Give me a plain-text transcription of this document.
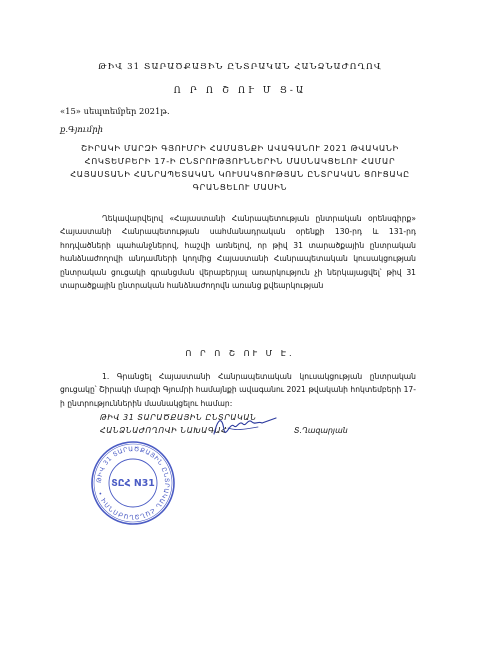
ԹԻՎ 31 ՏԱՐԱԾՔԱՅԻՆ ԸՆՏՐԱԿԱՆ ՀԱՆՁՆԱԺՈՂՈՎ
Ո Ր Ո Շ ՈՒ Մ Ց-Ա
«15» սեպտեմբեր 2021թ.
ք.Գյումրի
ՇԻՐԱԿԻ ՄԱՐԶԻ ԳՅՈՒՄՐԻ ՀԱՄԱՅՆՔԻ ԱՎԱԳԱՆՈՒ 2021 ԹՎԱԿԱՆԻ
ՀՈԿՏԵՄԲԵՐԻ 17-Ի ԸՆՏՐՈՒԹՅՈՒՆՆԵՐԻՆ ՄԱՍՆԱԿՑԵԼՈՒ ՀԱՄԱՐ
ՀԱՅԱՍՏԱՆԻ ՀԱՆՐԱՊԵՏԱԿԱՆ ԿՈՒՍԱԿՑՈՒԹՅԱՆ ԸՆՏՐԱԿԱՆ ՑՈՒՑԱԿԸ
ԳՐԱՆՑԵԼՈՒ ՄԱՍԻՆ
Ղեկավարվելով «Հայաստանի Հանրապետության ընտրական օրենսգիրք» Հայաստանի Հանրապետության սահմանադրական օրենքի 130-րդ և 131-րդ հոդվածների պահանջներով, հաշվի առնելով, որ թիվ 31 տարածքային ընտրական հանձնաժողովի անդամների կողմից Հայաստանի Հանրապետական կուսակցության ընտրական ցուցակի գրանցման վերաբերյալ առարկություն չի ներկայացվել՝ թիվ 31 տարածքային ընտրական հանձնաժողովն առանց քվեարկության
Ո Ր Ո Շ ՈՒ Մ Է.
1. Գրանցել Հայաստանի Հանրապետական կուսակցության ընտրական ցուցակը՝ Շիրակի մարզի Գյումրի համայնքի ավագանու 2021 թվականի հոկտեմբերի 17-ի ընտրություններին մասնակցելու համար:
ԹԻՎ 31 ՏԱՐԱԾՔԱՅԻՆ ԸՆՏՐԱԿԱՆ
ՀԱՆՁՆԱԺՈՂՈՎԻ ՆԱԽԱԳԱՀ	Տ.Ղազարյան
ԹԻՎ 31 ՏԱՐԱԾՔԱՅԻՆ ԸՆՏՐԱԿԱՆ ՀԱՆՁՆԱԺՈՂՈՎ •
ՏԸՀ N31
